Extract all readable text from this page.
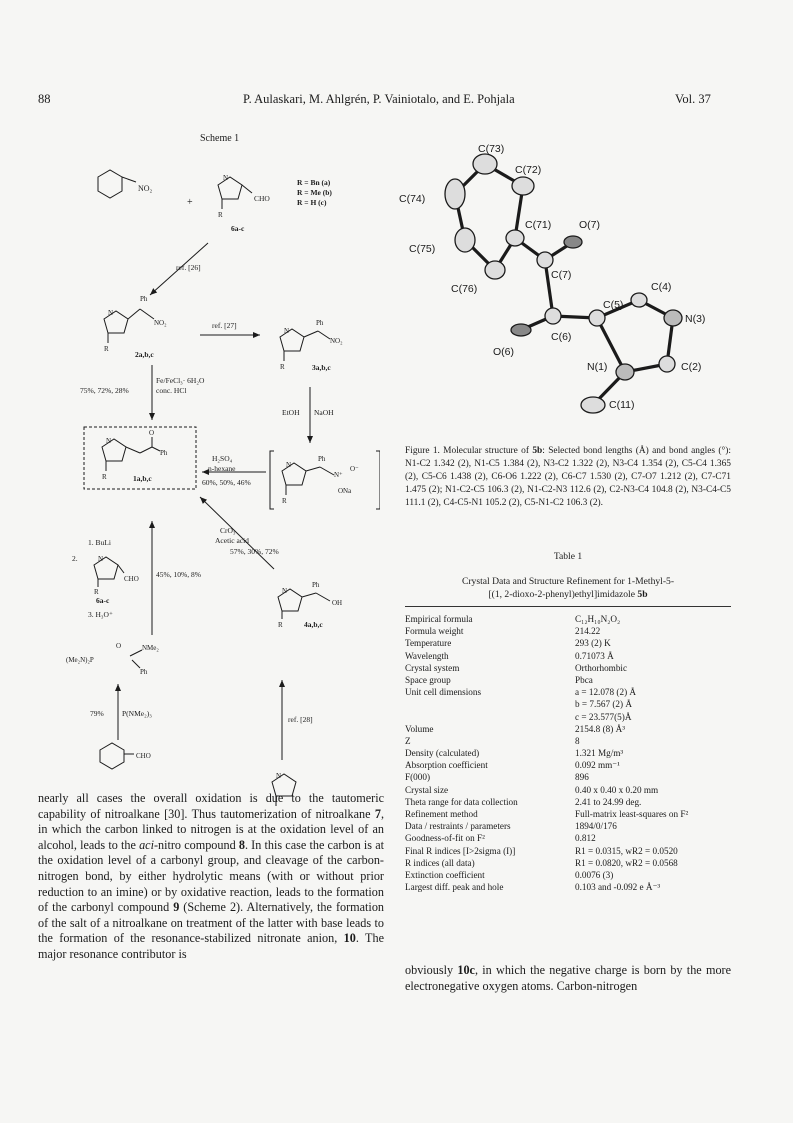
88	P. Aulaskari, M. Ahlgrén, P. Vainiotalo, and E. Pohjala	Vol. 37
Scheme 1
NO₂
+
N
CHO
R
6a-c
R = Bn (a)
R = Me (b)
R = H (c)
ref. [26]
N
Ph
NO₂
R
2a,b,c
ref. [27]
N
Ph
NO₂
R	3a,b,c
Fe/FeCl₃· 6H₂O
conc. HCl
75%, 72%, 28%
EtOH NaOH
N
O
Ph
R	1a,b,c
H₂SO₄
n-hexane
60%, 50%, 46%
N
Ph
N⁺
O⁻
ONa
R
CrO₃
Acetic acid
57%, 30%, 72%
1. BuLi
2.	N
CHO
R
6a-c
3. H₃O⁺
45%, 10%, 8%
N
Ph
OH
R	4a,b,c
(Me₂N)₂P
O	NMe₂
Ph
79% P(NMe₂)₃
CHO
ref. [28]
N
C(73)
C(72)
C(74)
C(71)	O(7)
C(75)
C(7)
C(4)
C(76)
C(5)
N(3)
C(6)
O(6)
N(1)	C(2)
C(11)
Figure 1. Molecular structure of 5b: Selected bond lengths (Å) and bond angles (°): N1-C2 1.342 (2), N1-C5 1.384 (2), N3-C2 1.322 (2), N3-C4 1.354 (2), C5-C4 1.365 (2), C5-C6 1.438 (2), C6-O6 1.222 (2), C6-C7 1.530 (2), C7-O7 1.212 (2), C7-C71 1.475 (2); N1-C2-C5 106.3 (2), N1-C2-N3 112.6 (2), C2-N3-C4 104.8 (2), N3-C4-C5 111.1 (2), C4-C5-N1 105.2 (2), C5-N1-C2 106.3 (2).
Table 1
Crystal Data and Structure Refinement for 1-Methyl-5-
[(1, 2-dioxo-2-phenyl)ethyl]imidazole 5b
Empirical formula	C₁₂H₁₀N₂O₂
Formula weight	214.22
Temperature	293 (2) K
Wavelength	0.71073 Å
Crystal system	Orthorhombic
Space group	Pbca
Unit cell dimensions	a = 12.078 (2) Å
	b = 7.567 (2) Å
	c = 23.577(5)Å
Volume	2154.8 (8) Å³
Z	8
Density (calculated)	1.321 Mg/m³
Absorption coefficient	0.092 mm⁻¹
F(000)	896
Crystal size	0.40 x 0.40 x 0.20 mm
Theta range for data collection	2.41 to 24.99 deg.
Refinement method	Full-matrix least-squares on F²
Data / restraints / parameters	1894/0/176
Goodness-of-fit on F²	0.812
Final R indices [I>2sigma (I)]	R1 = 0.0315, wR2 = 0.0520
R indices (all data)	R1 = 0.0820, wR2 = 0.0568
Extinction coefficient	0.0076 (3)
Largest diff. peak and hole	0.103 and -0.092 e Å⁻³

nearly all cases the overall oxidation is due to the tautomeric capability of nitroalkane [30]. Thus tautomerization of nitroalkane 7, in which the carbon linked to nitrogen is at the oxidation level of an alcohol, leads to the aci-nitro compound 8. In this case the carbon is at the oxidation level of a carbonyl group, and cleavage of the carbon-nitrogen bond, by either hydrolytic means (with or without prior reduction to an imine) or by oxidative reaction, leads to the formation of the carbonyl compound 9 (Scheme 2). Alternatively, the formation of the salt of a nitroalkane on treatment of the latter with base leads to the formation of the resonance-stabilized nitronate anion, 10. The major resonance contributor is

obviously 10c, in which the negative charge is born by the more electronegative oxygen atoms. Carbon-nitrogen
